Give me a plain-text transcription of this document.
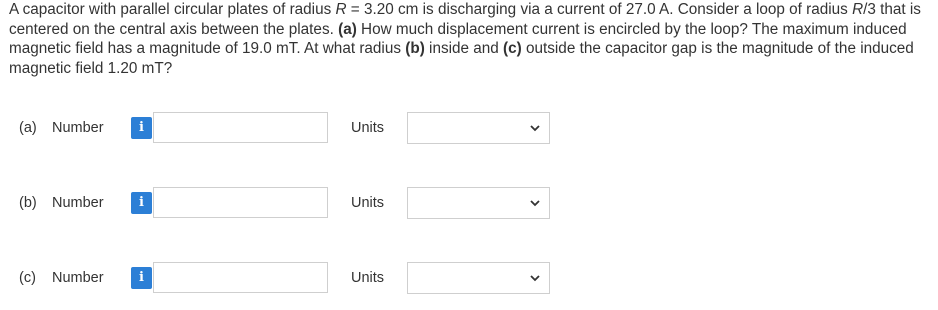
A capacitor with parallel circular plates of radius R = 3.20 cm is discharging via a current of 27.0 A. Consider a loop of radius R/3 that is centered on the central axis between the plates. (a) How much displacement current is encircled by the loop? The maximum induced magnetic field has a magnitude of 19.0 mT. At what radius (b) inside and (c) outside the capacitor gap is the magnitude of the induced magnetic field 1.20 mT?

(a) Number	i	Units
(b) Number	i	Units
(c) Number	i	Units
